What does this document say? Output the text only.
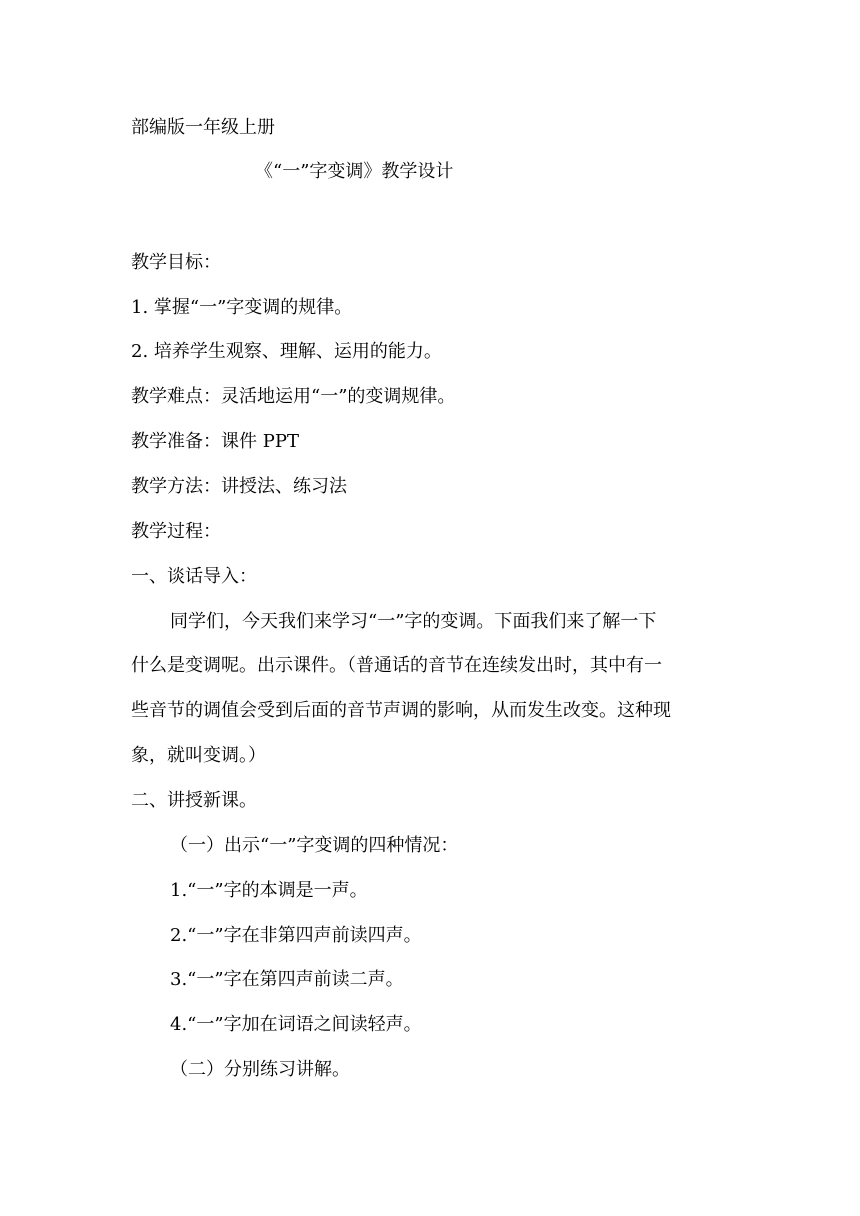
部编版一年级上册
《“一”字变调》教学设计
教学目标：
1. 掌握“一”字变调的规律。
2. 培养学生观察、理解、运用的能力。
教学难点：灵活地运用“一”的变调规律。
教学准备：课件 PPT
教学方法：讲授法、练习法
教学过程：
一、谈话导入：
同学们，今天我们来学习“一”字的变调。下面我们来了解一下
什么是变调呢。出示课件。（普通话的音节在连续发出时，其中有一
些音节的调值会受到后面的音节声调的影响，从而发生改变。这种现
象，就叫变调。）
二、讲授新课。
（一）出示“一”字变调的四种情况：
1.“一”字的本调是一声。
2.“一”字在非第四声前读四声。
3.“一”字在第四声前读二声。
4.“一”字加在词语之间读轻声。
（二）分别练习讲解。
